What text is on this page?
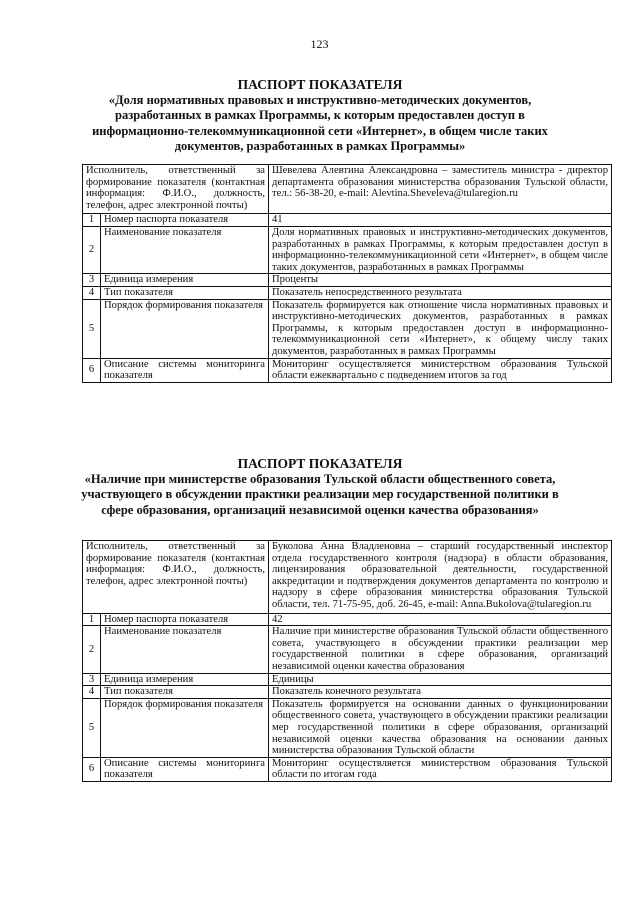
123
ПАСПОРТ ПОКАЗАТЕЛЯ
«Доля нормативных правовых и инструктивно-методических документов, разработанных в рамках Программы, к которым предоставлен доступ в информационно-телекоммуникационной сети «Интернет», в общем числе таких документов, разработанных в рамках Программы»
Исполнитель, ответственный за формирование показателя (контактная информация: Ф.И.О., должность, телефон, адрес электронной почты)		Шевелева Алевтина Александровна – заместитель министра - директор департамента образования министерства образования Тульской области, тел.: 56-38-20, e-mail: Alevtina.Sheveleva@tularegion.ru
1	Номер паспорта показателя	41
2	Наименование показателя	Доля нормативных правовых и инструктивно-методических документов, разработанных в рамках Программы, к которым предоставлен доступ в информационно-телекоммуникационной сети «Интернет», в общем числе таких документов, разработанных в рамках Программы
3	Единица измерения	Проценты
4	Тип показателя	Показатель непосредственного результата
5	Порядок формирования показателя	Показатель формируется как отношение числа нормативных правовых и инструктивно-методических документов, разработанных в рамках Программы, к которым предоставлен доступ в информационно-телекоммуникационной сети «Интернет», к общему числу таких документов, разработанных в рамках Программы
6	Описание системы мониторинга показателя	Мониторинг осуществляется министерством образования Тульской области ежеквартально с подведением итогов за год
ПАСПОРТ ПОКАЗАТЕЛЯ
«Наличие при министерстве образования Тульской области общественного совета, участвующего в обсуждении практики реализации мер государственной политики в сфере образования, организаций независимой оценки качества образования»
Исполнитель, ответственный за формирование показателя (контактная информация: Ф.И.О., должность, телефон, адрес электронной почты)		Буколова Анна Владленовна – старший государственный инспектор отдела государственного контроля (надзора) в области образования, лицензирования образовательной деятельности, государственной аккредитации и подтверждения документов департамента по контролю и надзору в сфере образования министерства образования Тульской области, тел. 71-75-95, доб. 26-45, e-mail: Anna.Bukolova@tularegion.ru
1	Номер паспорта показателя	42
2	Наименование показателя	Наличие при министерстве образования Тульской области общественного совета, участвующего в обсуждении практики реализации мер государственной политики в сфере образования, организаций независимой оценки качества образования
3	Единица измерения	Единицы
4	Тип показателя	Показатель конечного результата
5	Порядок формирования показателя	Показатель формируется на основании данных о функционировании общественного совета, участвующего в обсуждении практики реализации мер государственной политики в сфере образования, организаций независимой оценки качества образования на основании данных министерства образования Тульской области
6	Описание системы мониторинга показателя	Мониторинг осуществляется министерством образования Тульской области по итогам года
